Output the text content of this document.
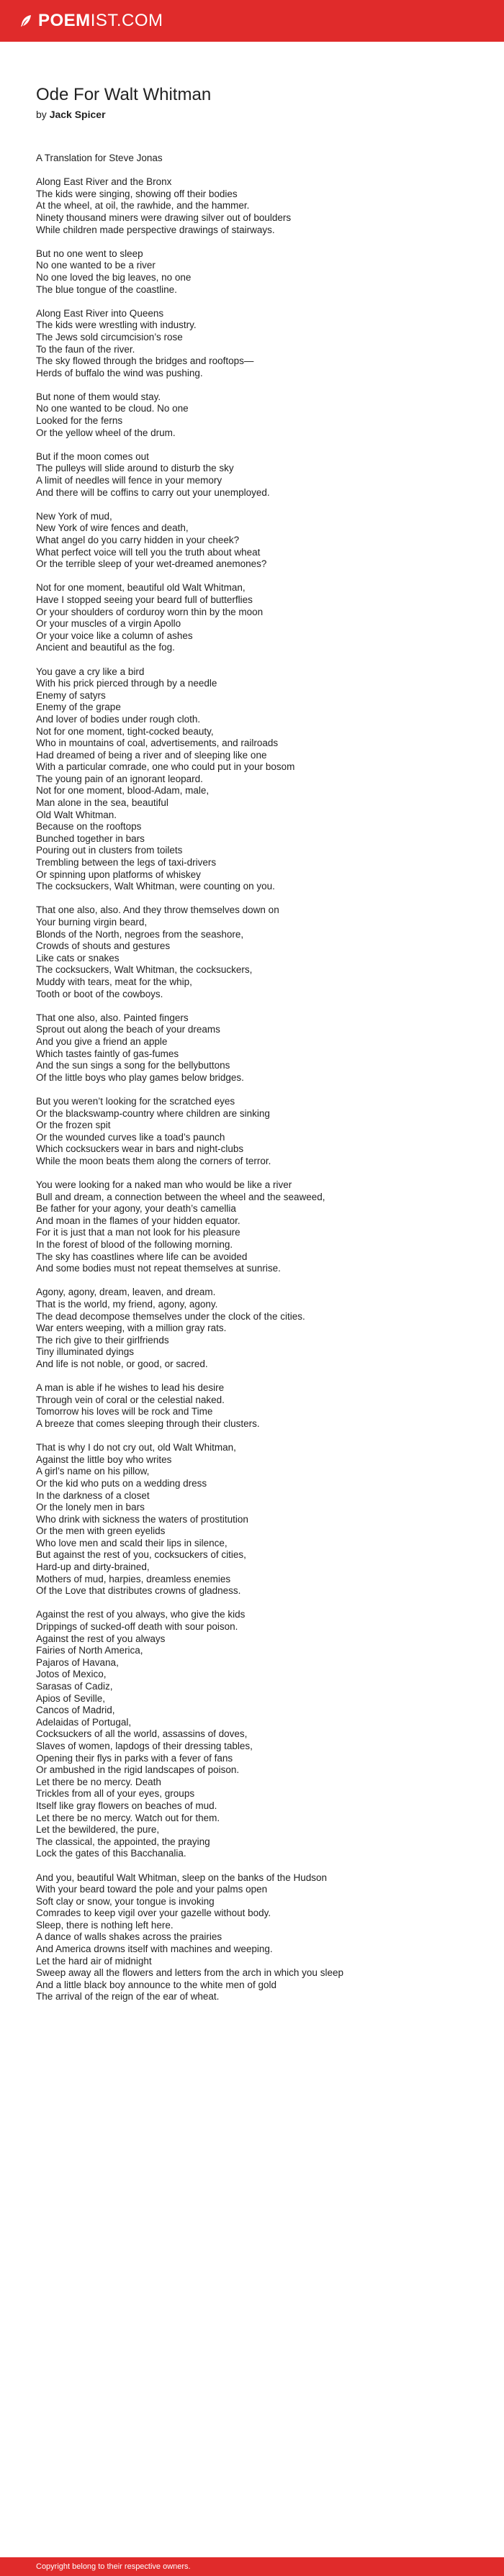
POEMIST.COM
Ode For Walt Whitman
by Jack Spicer
A Translation for Steve Jonas
Along East River and the Bronx
The kids were singing, showing off their bodies
At the wheel, at oil, the rawhide, and the hammer.
Ninety thousand miners were drawing silver out of boulders
While children made perspective drawings of stairways.
But no one went to sleep
No one wanted to be a river
No one loved the big leaves, no one
The blue tongue of the coastline.
Along East River into Queens
The kids were wrestling with industry.
The Jews sold circumcision’s rose
To the faun of the river.
The sky flowed through the bridges and rooftops—
Herds of buffalo the wind was pushing.
But none of them would stay.
No one wanted to be cloud. No one
Looked for the ferns
Or the yellow wheel of the drum.
But if the moon comes out
The pulleys will slide around to disturb the sky
A limit of needles will fence in your memory
And there will be coffins to carry out your unemployed.
New York of mud,
New York of wire fences and death,
What angel do you carry hidden in your cheek?
What perfect voice will tell you the truth about wheat
Or the terrible sleep of your wet-dreamed anemones?
Not for one moment, beautiful old Walt Whitman,
Have I stopped seeing your beard full of butterflies
Or your shoulders of corduroy worn thin by the moon
Or your muscles of a virgin Apollo
Or your voice like a column of ashes
Ancient and beautiful as the fog.
You gave a cry like a bird
With his prick pierced through by a needle
Enemy of satyrs
Enemy of the grape
And lover of bodies under rough cloth.
Not for one moment, tight-cocked beauty,
Who in mountains of coal, advertisements, and railroads
Had dreamed of being a river and of sleeping like one
With a particular comrade, one who could put in your bosom
The young pain of an ignorant leopard.
Not for one moment, blood-Adam, male,
Man alone in the sea, beautiful
Old Walt Whitman.
Because on the rooftops
Bunched together in bars
Pouring out in clusters from toilets
Trembling between the legs of taxi-drivers
Or spinning upon platforms of whiskey
The cocksuckers, Walt Whitman, were counting on you.
That one also, also. And they throw themselves down on
Your burning virgin beard,
Blonds of the North, negroes from the seashore,
Crowds of shouts and gestures
Like cats or snakes
The cocksuckers, Walt Whitman, the cocksuckers,
Muddy with tears, meat for the whip,
Tooth or boot of the cowboys.
That one also, also. Painted fingers
Sprout out along the beach of your dreams
And you give a friend an apple
Which tastes faintly of gas-fumes
And the sun sings a song for the bellybuttons
Of the little boys who play games below bridges.
But you weren’t looking for the scratched eyes
Or the blackswamp-country where children are sinking
Or the frozen spit
Or the wounded curves like a toad’s paunch
Which cocksuckers wear in bars and night-clubs
While the moon beats them along the corners of terror.
You were looking for a naked man who would be like a river
Bull and dream, a connection between the wheel and the seaweed,
Be father for your agony, your death’s camellia
And moan in the flames of your hidden equator.
For it is just that a man not look for his pleasure
In the forest of blood of the following morning.
The sky has coastlines where life can be avoided
And some bodies must not repeat themselves at sunrise.
Agony, agony, dream, leaven, and dream.
That is the world, my friend, agony, agony.
The dead decompose themselves under the clock of the cities.
War enters weeping, with a million gray rats.
The rich give to their girlfriends
Tiny illuminated dyings
And life is not noble, or good, or sacred.
A man is able if he wishes to lead his desire
Through vein of coral or the celestial naked.
Tomorrow his loves will be rock and Time
A breeze that comes sleeping through their clusters.
That is why I do not cry out, old Walt Whitman,
Against the little boy who writes
A girl’s name on his pillow,
Or the kid who puts on a wedding dress
In the darkness of a closet
Or the lonely men in bars
Who drink with sickness the waters of prostitution
Or the men with green eyelids
Who love men and scald their lips in silence,
But against the rest of you, cocksuckers of cities,
Hard-up and dirty-brained,
Mothers of mud, harpies, dreamless enemies
Of the Love that distributes crowns of gladness.
Against the rest of you always, who give the kids
Drippings of sucked-off death with sour poison.
Against the rest of you always
Fairies of North America,
Pajaros of Havana,
Jotos of Mexico,
Sarasas of Cadiz,
Apios of Seville,
Cancos of Madrid,
Adelaidas of Portugal,
Cocksuckers of all the world, assassins of doves,
Slaves of women, lapdogs of their dressing tables,
Opening their flys in parks with a fever of fans
Or ambushed in the rigid landscapes of poison.
Let there be no mercy. Death
Trickles from all of your eyes, groups
Itself like gray flowers on beaches of mud.
Let there be no mercy. Watch out for them.
Let the bewildered, the pure,
The classical, the appointed, the praying
Lock the gates of this Bacchanalia.
And you, beautiful Walt Whitman, sleep on the banks of the Hudson
With your beard toward the pole and your palms open
Soft clay or snow, your tongue is invoking
Comrades to keep vigil over your gazelle without body.
Sleep, there is nothing left here.
A dance of walls shakes across the prairies
And America drowns itself with machines and weeping.
Let the hard air of midnight
Sweep away all the flowers and letters from the arch in which you sleep
And a little black boy announce to the white men of gold
The arrival of the reign of the ear of wheat.
Copyright belong to their respective owners.
